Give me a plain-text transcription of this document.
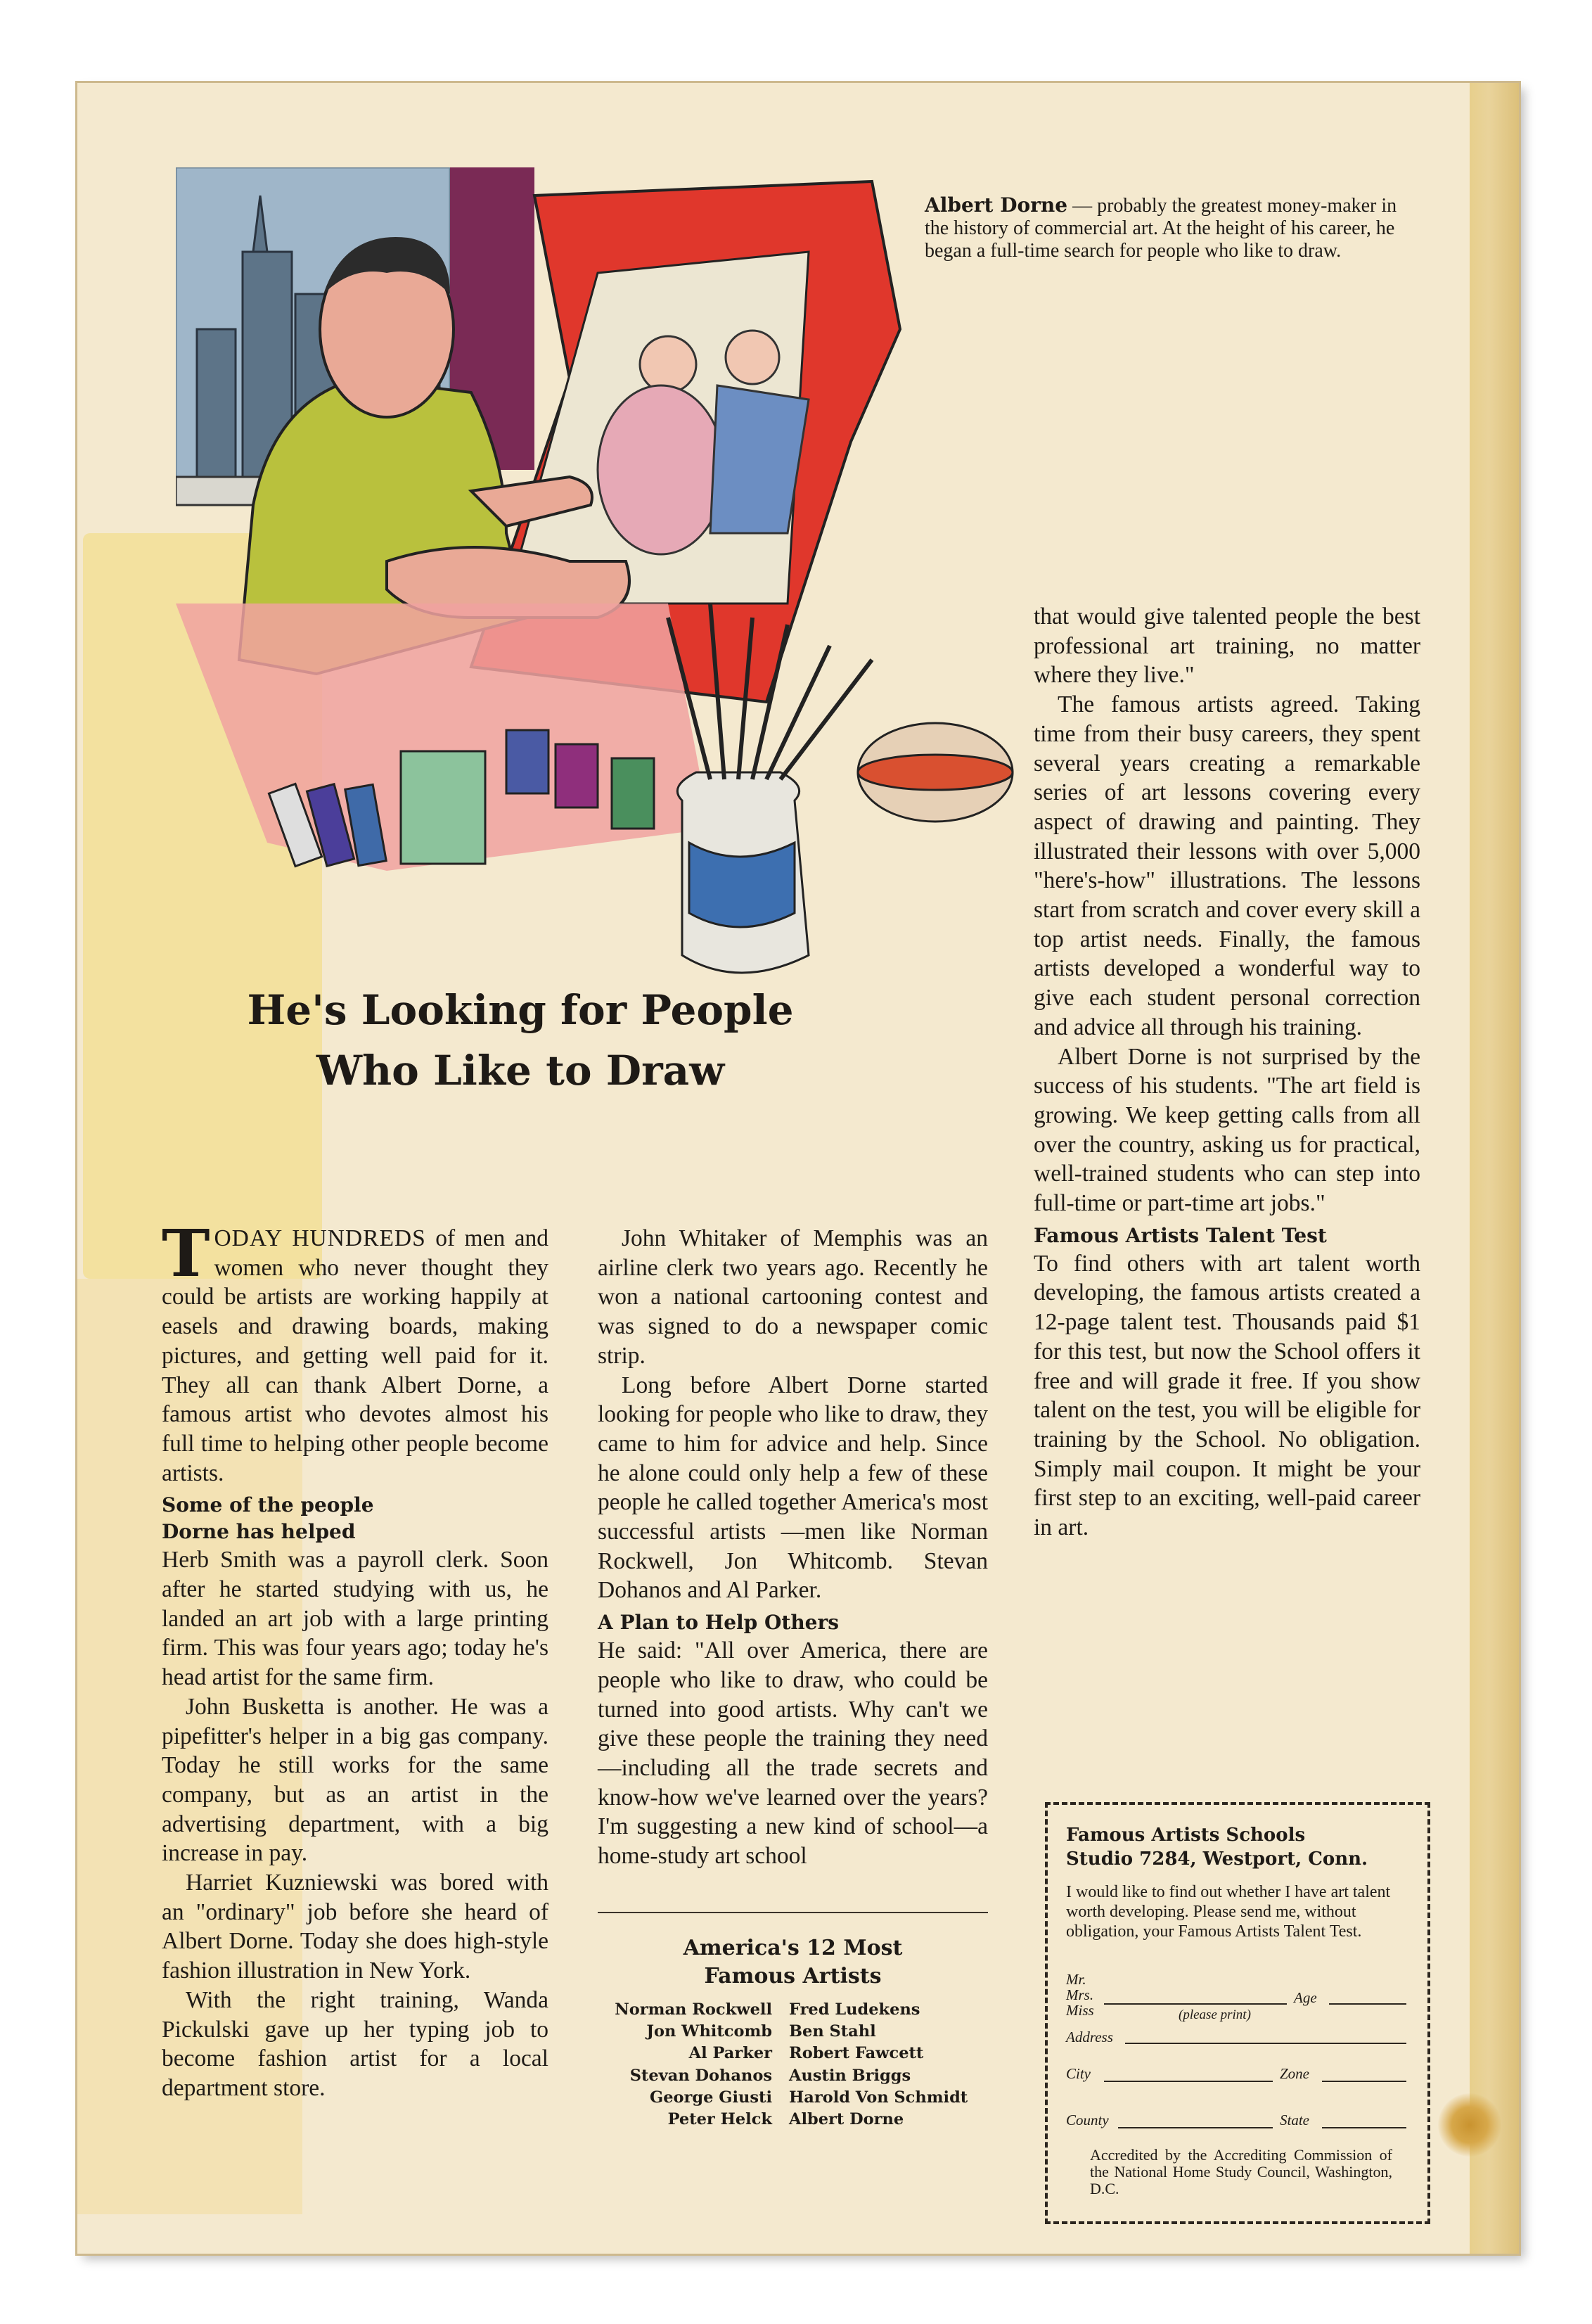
Albert Dorne — probably the greatest money-maker in the history of commercial art. At the height of his career, he began a full-time search for people who like to draw.
He's Looking for People
Who Like to Draw

TODAY HUNDREDS of men and women who never thought they could be artists are working happily at easels and drawing boards, making pictures, and getting well paid for it. They all can thank Albert Dorne, a famous artist who devotes almost his full time to helping other people become artists.

Some of the people
Dorne has helped

Herb Smith was a payroll clerk. Soon after he started studying with us, he landed an art job with a large printing firm. This was four years ago; today he's head artist for the same firm.

John Busketta is another. He was a pipefitter's helper in a big gas company. Today he still works for the same company, but as an artist in the advertising department, with a big increase in pay.

Harriet Kuzniewski was bored with an "ordinary" job before she heard of Albert Dorne. Today she does high-style fashion illustration in New York.

With the right training, Wanda Pickulski gave up her typing job to become fashion artist for a local department store.

John Whitaker of Memphis was an airline clerk two years ago. Recently he won a national cartooning contest and was signed to do a newspaper comic strip.

Long before Albert Dorne started looking for people who like to draw, they came to him for advice and help. Since he alone could only help a few of these people he called together America's most successful artists —men like Norman Rockwell, Jon Whitcomb. Stevan Dohanos and Al Parker.

A Plan to Help Others

He said: "All over America, there are people who like to draw, who could be turned into good artists. Why can't we give these people the training they need—including all the trade secrets and know-how we've learned over the years? I'm suggesting a new kind of school—a home-study art school

that would give talented people the best professional art training, no matter where they live."

The famous artists agreed. Taking time from their busy careers, they spent several years creating a remarkable series of art lessons covering every aspect of drawing and painting. They illustrated their lessons with over 5,000 "here's-how" illustrations. The lessons start from scratch and cover every skill a top artist needs. Finally, the famous artists developed a wonderful way to give each student personal correction and advice all through his training.

Albert Dorne is not surprised by the success of his students. "The art field is growing. We keep getting calls from all over the country, asking us for practical, well-trained students who can step into full-time or part-time art jobs."

Famous Artists Talent Test

To find others with art talent worth developing, the famous artists created a 12-page talent test. Thousands paid $1 for this test, but now the School offers it free and will grade it free. If you show talent on the test, you will be eligible for training by the School. No obligation. Simply mail coupon. It might be your first step to an exciting, well-paid career in art.

America's 12 Most
Famous Artists
Norman Rockwell	Fred Ludekens
Jon Whitcomb	Ben Stahl
Al Parker	Robert Fawcett
Stevan Dohanos	Austin Briggs
George Giusti	Harold Von Schmidt
Peter Helck	Albert Dorne
Famous Artists Schools
Studio 7284, Westport, Conn.
I would like to find out whether I have art talent worth developing. Please send me, without obligation, your Famous Artists Talent Test.
Mr.
Mrs.
Miss
Age
(please print)
Address
City	Zone
County	State
Accredited by the Accrediting Commission of the National Home Study Council, Washington, D.C.
